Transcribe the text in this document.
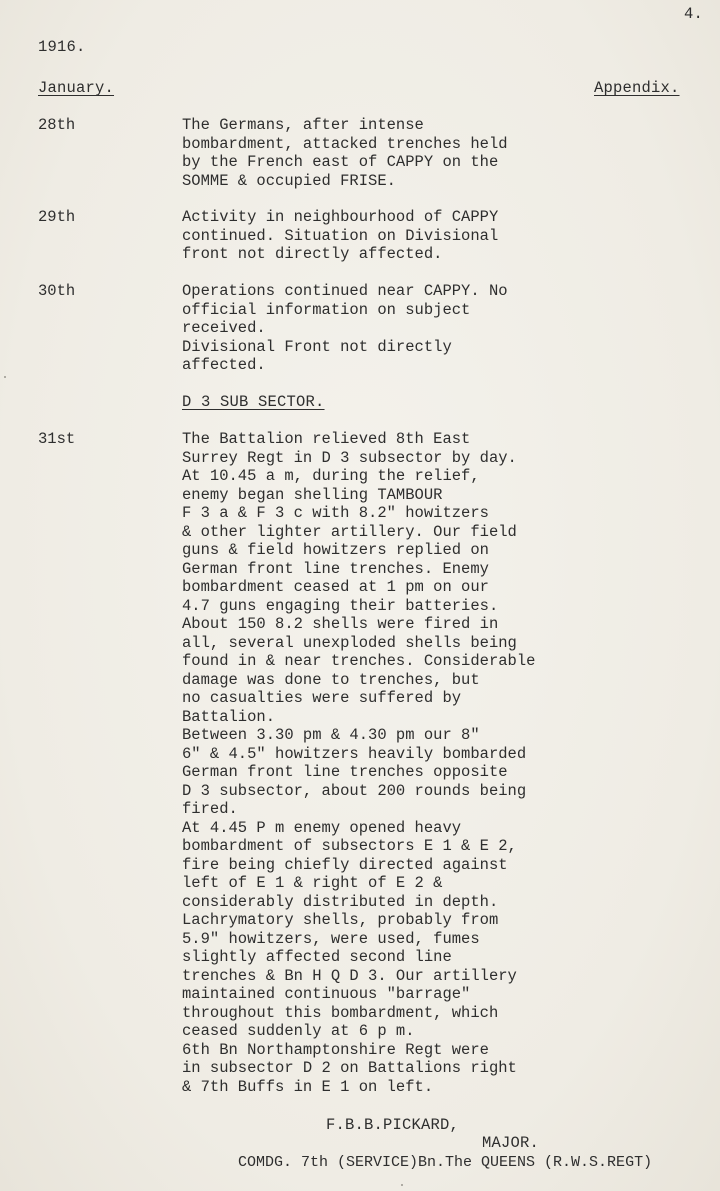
4.
1916.
January.	Appendix.
28th	The Germans, after intense
bombardment, attacked trenches held
by the French east of CAPPY on the
SOMME & occupied FRISE.
29th	Activity in neighbourhood of CAPPY
continued. Situation on Divisional
front not directly affected.
30th	Operations continued near CAPPY. No
official information on subject
received.
Divisional Front not directly
affected.
D 3 SUB SECTOR.
31st	The Battalion relieved 8th East
Surrey Regt in D 3 subsector by day.
At 10.45 a m, during the relief,
enemy began shelling TAMBOUR
F 3 a & F 3 c with 8.2" howitzers
& other lighter artillery. Our field
guns & field howitzers replied on
German front line trenches. Enemy
bombardment ceased at 1 pm on our
4.7 guns engaging their batteries.
About 150 8.2 shells were fired in
all, several unexploded shells being
found in & near trenches. Considerable
damage was done to trenches, but
no casualties were suffered by
Battalion.
Between 3.30 pm & 4.30 pm our 8"
6" & 4.5" howitzers heavily bombarded
German front line trenches opposite
D 3 subsector, about 200 rounds being
fired.
At 4.45 P m enemy opened heavy
bombardment of subsectors E 1 & E 2,
fire being chiefly directed against
left of E 1 & right of E 2 &
considerably distributed in depth.
Lachrymatory shells, probably from
5.9" howitzers, were used, fumes
slightly affected second line
trenches & Bn H Q D 3. Our artillery
maintained continuous "barrage"
throughout this bombardment, which
ceased suddenly at 6 p m.
6th Bn Northamptonshire Regt were
in subsector D 2 on Battalions right
& 7th Buffs in E 1 on left.
F.B.B.PICKARD,
MAJOR.
COMDG. 7th (SERVICE)Bn.The QUEENS (R.W.S.REGT)
